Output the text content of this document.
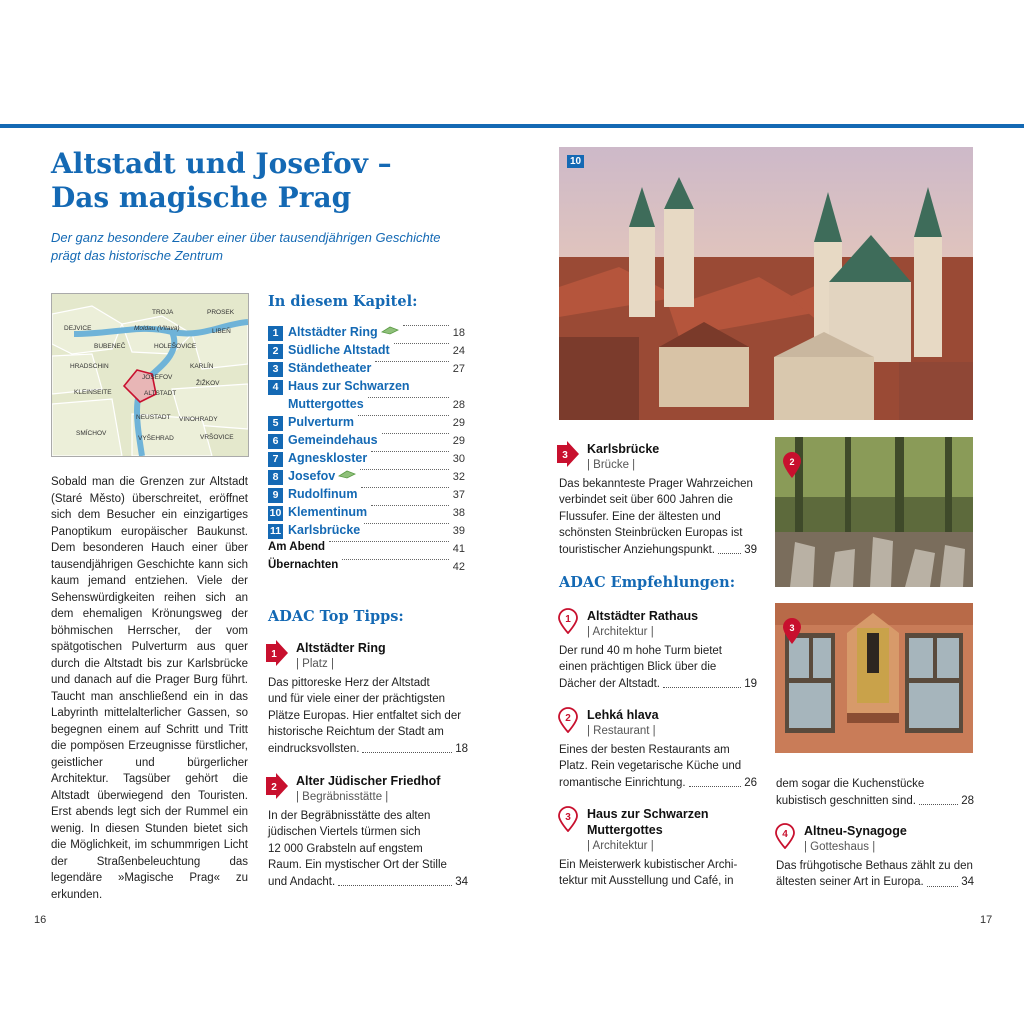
Altstadt und Josefov –
Das magische Prag

Der ganz besondere Zauber einer über tausendjährigen Geschichte prägt das historische Zentrum

TROJA	PROSEK
DEJVICE	Moldau (Vltava)	LIBEŇ
BUBENEČ	HOLEŠOVICE
HRADSCHIN	KARLÍN
JOSEFOV
ŽIŽKOV
KLEINSEITE	ALTSTADT
NEUSTADT VINOHRADY
SMÍCHOV
VYŠEHRAD	VRŠOVICE

Sobald man die Grenzen zur Altstadt (Staré Město) überschreitet, eröffnet sich dem Besucher ein einzigartiges Panoptikum europäischer Baukunst. Dem besonderen Hauch einer über tausendjährigen Geschichte kann sich kaum jemand entziehen. Viele der Sehenswürdigkeiten reihen sich an dem ehemaligen Krönungsweg der böhmischen Herrscher, der vom spätgotischen Pulverturm aus quer durch die Altstadt bis zur Karlsbrücke und danach auf die Prager Burg führt. Taucht man anschließend ein in das Labyrinth mittelalterlicher Gassen, so begegnen einem auf Schritt und Tritt die pompösen Erzeugnisse fürstlicher, geistlicher und bürgerlicher Architektur. Tagsüber gehört die Altstadt überwiegend den Touristen. Erst abends legt sich der Rummel ein wenig. In diesen Stunden bietet sich die Möglichkeit, im schummrigen Licht der Straßenbeleuchtung das legendäre »Magische Prag« zu erkunden.

In diesem Kapitel:
1 Altstädter Ring	18
2 Südliche Altstadt	24
3 Ständetheater	27
4 Haus zur Schwarzen
Muttergottes	28
5 Pulverturm	29
6 Gemeindehaus	29
7 Agneskloster	30
8 Josefov	32
9 Rudolfinum	37
10 Klementinum	38
11 Karlsbrücke	39
Am Abend	41
Übernachten	42
ADAC Top Tipps:
1 Altstädter Ring
| Platz |
Das pittoreske Herz der Altstadt
und für viele einer der prächtigsten
Plätze Europas. Hier entfaltet sich der
historische Reichtum der Stadt am
eindrucksvollsten.	18
2 Alter Jüdischer Friedhof
| Begräbnisstätte |
In der Begräbnisstätte des alten
jüdischen Viertels türmen sich
12 000 Grabsteln auf engstem
Raum. Ein mystischer Ort der Stille
und Andacht.	34
3 Karlsbrücke
| Brücke |
Das bekannteste Prager Wahrzeichen
verbindet seit über 600 Jahren die
Flussufer. Eine der ältesten und
schönsten Steinbrücken Europas ist
touristischer Anziehungspunkt.	39
ADAC Empfehlungen:
1 Altstädter Rathaus
| Architektur |
Der rund 40 m hohe Turm bietet
einen prächtigen Blick über die
Dächer der Altstadt.	19
2 Lehká hlava
| Restaurant |
Eines der besten Restaurants am
Platz. Rein vegetarische Küche und
romantische Einrichtung.	26
3 Haus zur Schwarzen Muttergottes
| Architektur |
Ein Meisterwerk kubistischer Archi-
tektur mit Ausstellung und Café, in
4 Altneu-Synagoge
| Gotteshaus |
Das frühgotische Bethaus zählt zu den
ältesten seiner Art in Europa.	34
dem sogar die Kuchenstücke
kubistisch geschnitten sind.	28
10
2
3
16	17
